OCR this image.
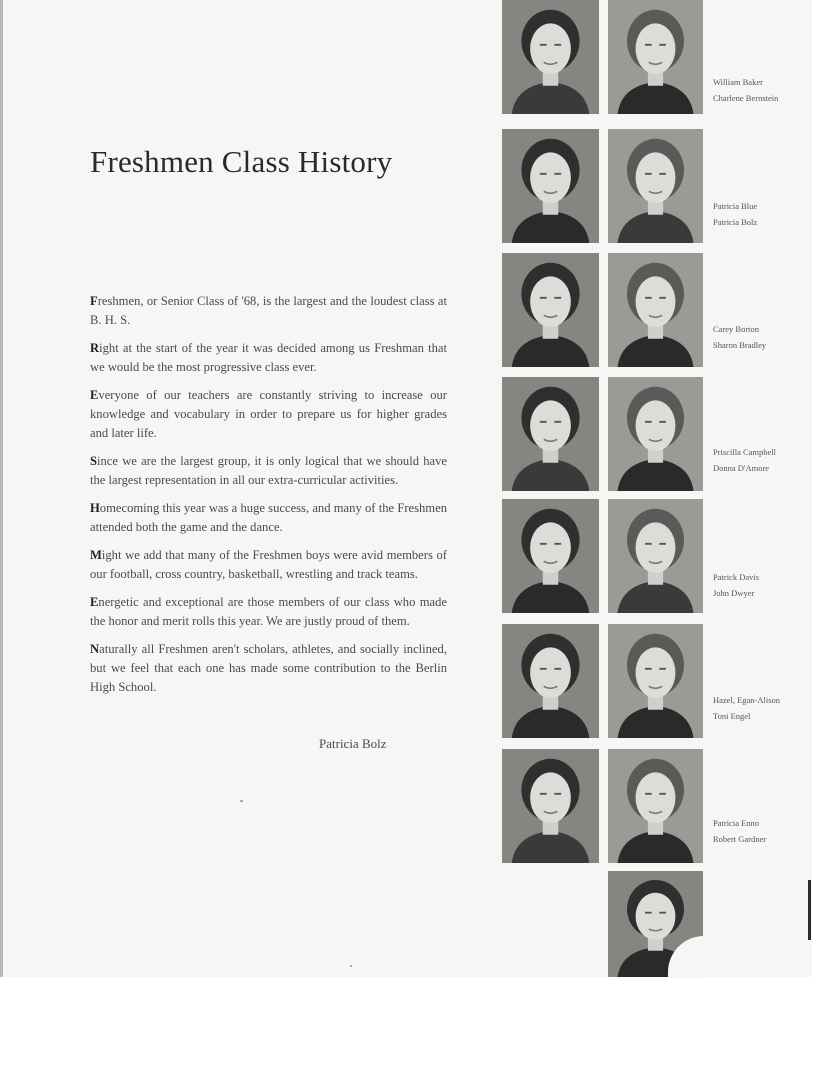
Freshmen Class History

Freshmen, or Senior Class of '68, is the largest and the loudest class at B. H. S.

Right at the start of the year it was decided among us Freshman that we would be the most progressive class ever.

Everyone of our teachers are constantly striving to increase our knowledge and vocabulary in order to prepare us for higher grades and later life.

Since we are the largest group, it is only logical that we should have the largest representation in all our extra-curricular activities.

Homecoming this year was a huge success, and many of the Freshmen attended both the game and the dance.

Might we add that many of the Freshmen boys were avid members of our football, cross country, basketball, wrestling and track teams.

Energetic and exceptional are those members of our class who made the honor and merit rolls this year. We are justly proud of them.

Naturally all Freshmen aren't scholars, athletes, and socially inclined, but we feel that each one has made some contribution to the Berlin High School.

Patricia Bolz
William Baker
Charlene Bernstein
Patricia Blue
Patricia Bolz
Carey Borton
Sharon Bradley
Priscilla Campbell
Donna D'Amore
Patrick Davis
John Dwyer
Hazel, Egan-Alison
Toni Engel
Patricia Enno
Robert Gardner
